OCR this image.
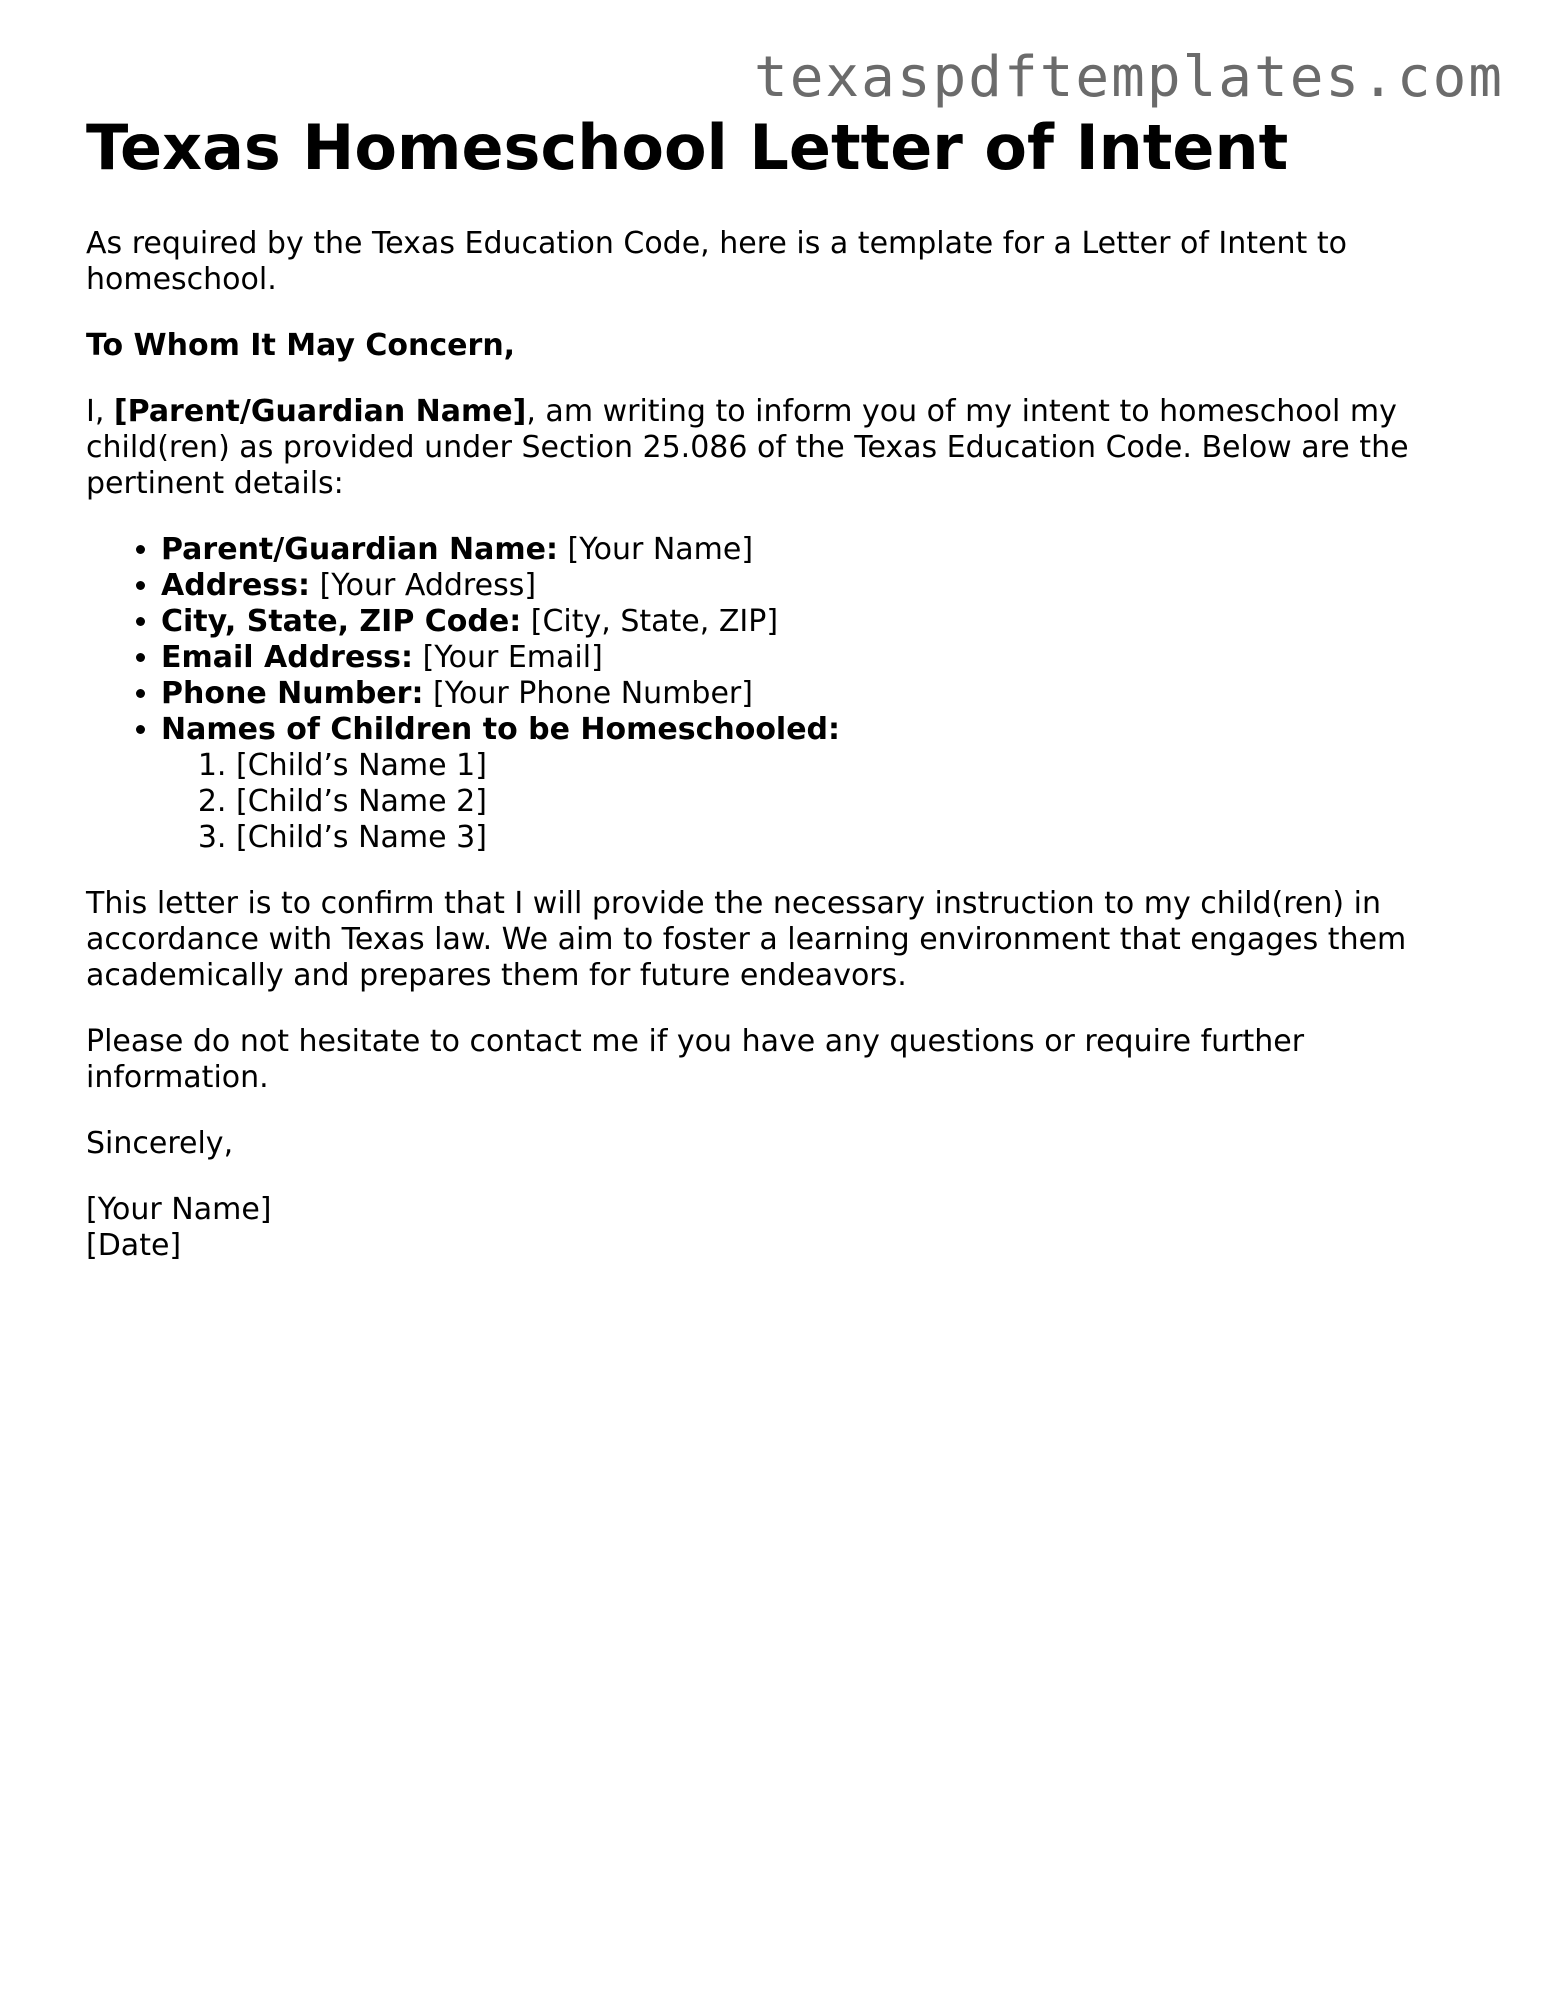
texaspdftemplates.com
Texas Homeschool Letter of Intent

As required by the Texas Education Code, here is a template for a Letter of Intent to homeschool.

To Whom It May Concern,

I, [Parent/Guardian Name], am writing to inform you of my intent to homeschool my child(ren) as provided under Section 25.086 of the Texas Education Code. Below are the pertinent details:

• Parent/Guardian Name: [Your Name]
• Address: [Your Address]
• City, State, ZIP Code: [City, State, ZIP]
• Email Address: [Your Email]
• Phone Number: [Your Phone Number]
• Names of Children to be Homeschooled:
1. [Child’s Name 1]
2. [Child’s Name 2]
3. [Child’s Name 3]

This letter is to confirm that I will provide the necessary instruction to my child(ren) in accordance with Texas law. We aim to foster a learning environment that engages them academically and prepares them for future endeavors.

Please do not hesitate to contact me if you have any questions or require further information.

Sincerely,

[Your Name]
[Date]
